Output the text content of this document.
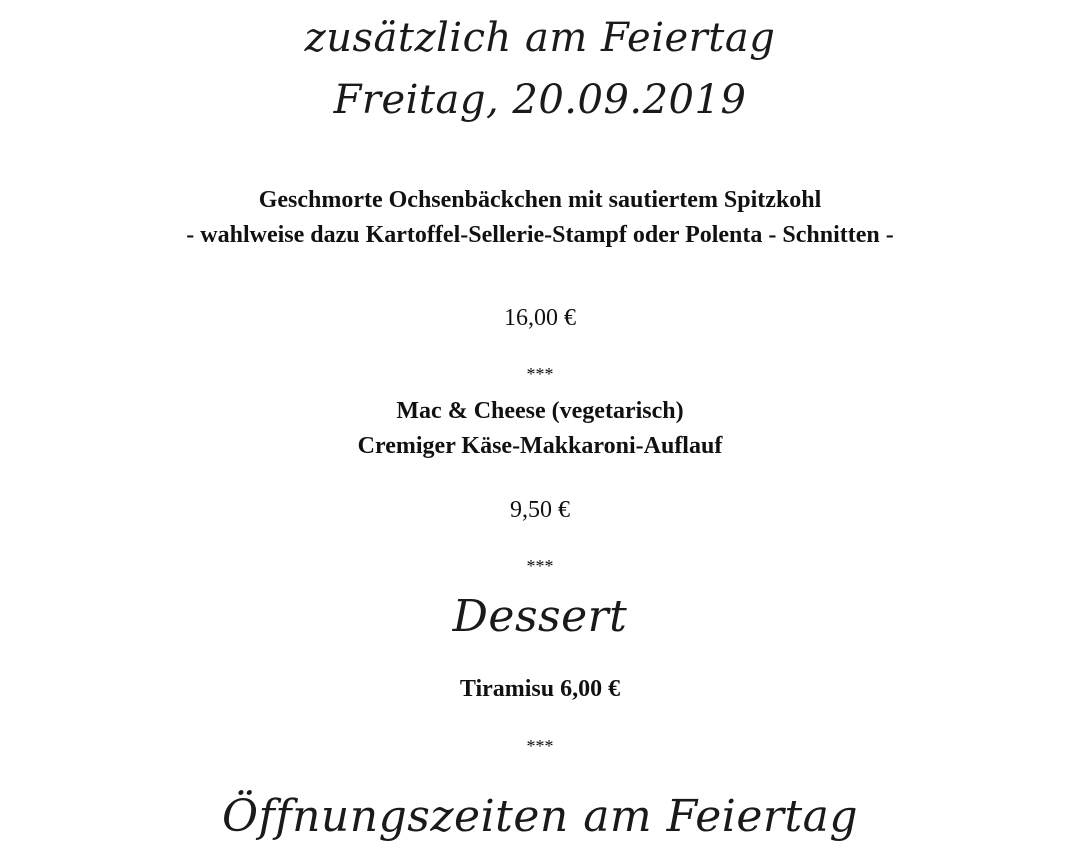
zusätzlich am Feiertag
Freitag, 20.09.2019
Geschmorte Ochsenbäckchen mit sautiertem Spitzkohl
- wahlweise dazu Kartoffel-Sellerie-Stampf oder Polenta - Schnitten -
16,00 €
***
Mac & Cheese (vegetarisch)
Cremiger Käse-Makkaroni-Auflauf
9,50 €
***
Dessert
Tiramisu 6,00 €
***
Öffnungszeiten am Feiertag
